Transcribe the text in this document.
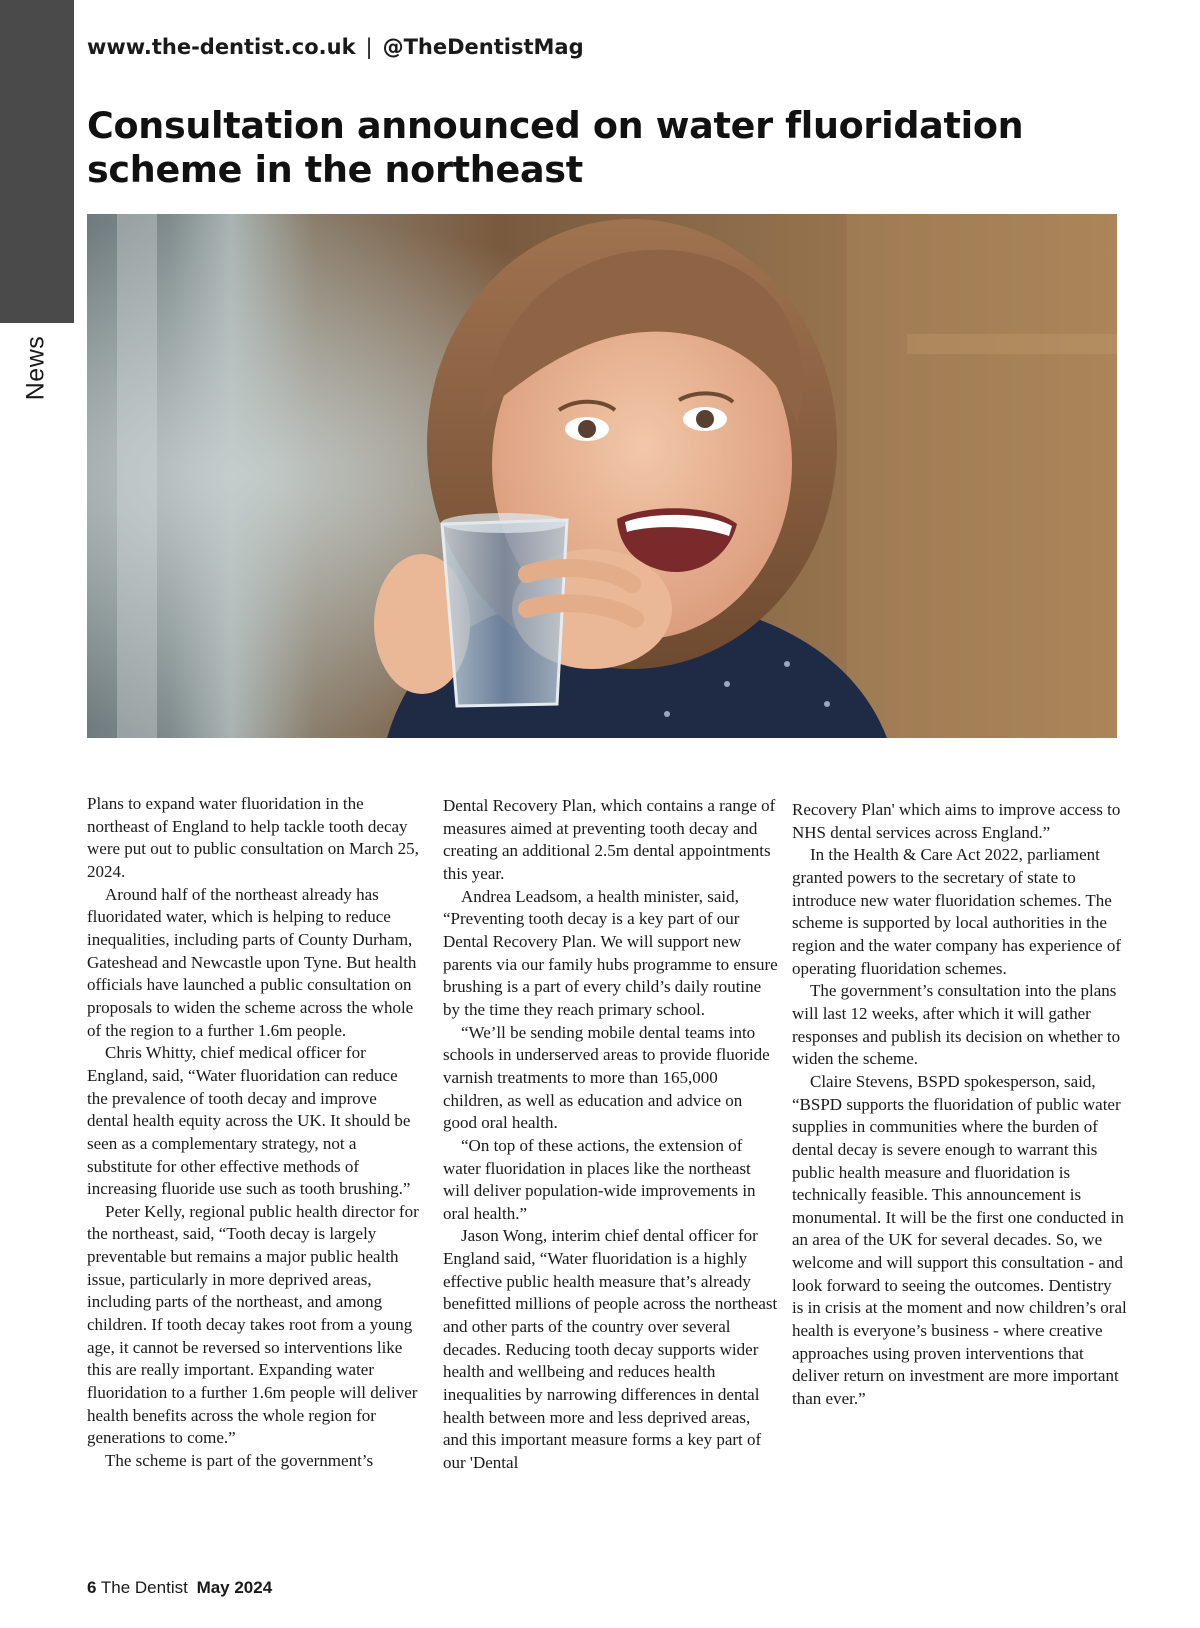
News
www.the-dentist.co.uk | @TheDentistMag
Consultation announced on water fluoridation scheme in the northeast

Plans to expand water fluoridation in the northeast of England to help tackle tooth decay were put out to public consultation on March 25, 2024.

Around half of the northeast already has fluoridated water, which is helping to reduce inequalities, including parts of County Durham, Gateshead and Newcastle upon Tyne. But health officials have launched a public consultation on proposals to widen the scheme across the whole of the region to a further 1.6m people.

Chris Whitty, chief medical officer for England, said, “Water fluoridation can reduce the prevalence of tooth decay and improve dental health equity across the UK. It should be seen as a complementary strategy, not a substitute for other effective methods of increasing fluoride use such as tooth brushing.”

Peter Kelly, regional public health director for the northeast, said, “Tooth decay is largely preventable but remains a major public health issue, particularly in more deprived areas, including parts of the northeast, and among children. If tooth decay takes root from a young age, it cannot be reversed so interventions like this are really important. Expanding water fluoridation to a further 1.6m people will deliver health benefits across the whole region for generations to come.”

The scheme is part of the government’s

Dental Recovery Plan, which contains a range of measures aimed at preventing tooth decay and creating an additional 2.5m dental appointments this year.

Andrea Leadsom, a health minister, said, “Preventing tooth decay is a key part of our Dental Recovery Plan. We will support new parents via our family hubs programme to ensure brushing is a part of every child’s daily routine by the time they reach primary school.

“We’ll be sending mobile dental teams into schools in underserved areas to provide fluoride varnish treatments to more than 165,000 children, as well as education and advice on good oral health.

“On top of these actions, the extension of water fluoridation in places like the northeast will deliver population-wide improvements in oral health.”

Jason Wong, interim chief dental officer for England said, “Water fluoridation is a highly effective public health measure that’s already benefitted millions of people across the northeast and other parts of the country over several decades. Reducing tooth decay supports wider health and wellbeing and reduces health inequalities by narrowing differences in dental health between more and less deprived areas, and this important measure forms a key part of our 'Dental

Recovery Plan' which aims to improve access to NHS dental services across England.”

In the Health & Care Act 2022, parliament granted powers to the secretary of state to introduce new water fluoridation schemes. The scheme is supported by local authorities in the region and the water company has experience of operating fluoridation schemes.

The government’s consultation into the plans will last 12 weeks, after which it will gather responses and publish its decision on whether to widen the scheme.

Claire Stevens, BSPD spokesperson, said, “BSPD supports the fluoridation of public water supplies in communities where the burden of dental decay is severe enough to warrant this public health measure and fluoridation is technically feasible. This announcement is monumental. It will be the first one conducted in an area of the UK for several decades. So, we welcome and will support this consultation - and look forward to seeing the outcomes. Dentistry is in crisis at the moment and now children’s oral health is everyone’s business - where creative approaches using proven interventions that deliver return on investment are more important than ever.”

6 The Dentist May 2024
